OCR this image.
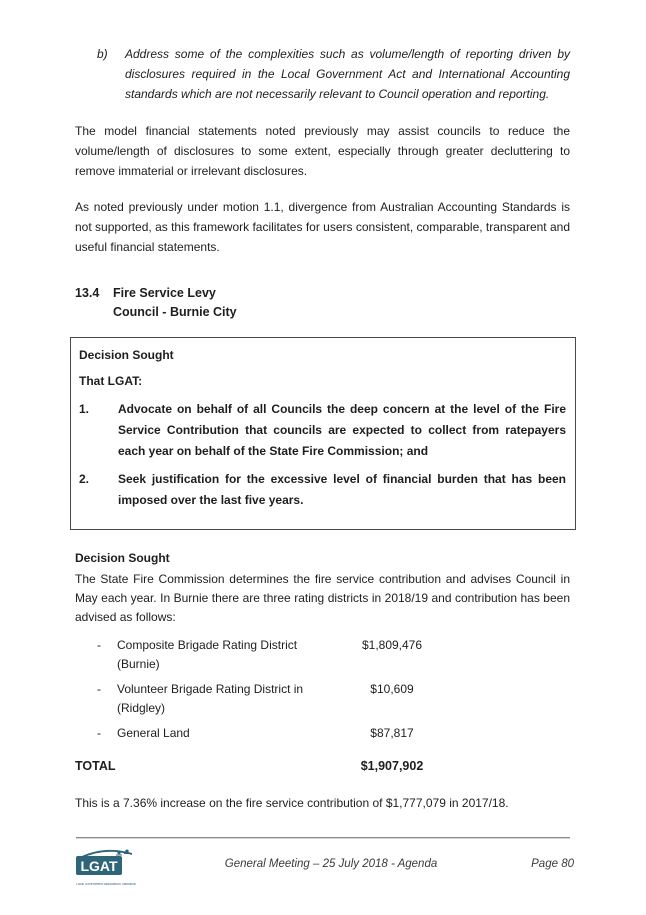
b) Address some of the complexities such as volume/length of reporting driven by disclosures required in the Local Government Act and International Accounting standards which are not necessarily relevant to Council operation and reporting.

The model financial statements noted previously may assist councils to reduce the volume/length of disclosures to some extent, especially through greater decluttering to remove immaterial or irrelevant disclosures.

As noted previously under motion 1.1, divergence from Australian Accounting Standards is not supported, as this framework facilitates for users consistent, comparable, transparent and useful financial statements.

13.4	Fire Service Levy
Council - Burnie City

Decision Sought

That LGAT:

1. Advocate on behalf of all Councils the deep concern at the level of the Fire Service Contribution that councils are expected to collect from ratepayers each year on behalf of the State Fire Commission; and

2. Seek justification for the excessive level of financial burden that has been imposed over the last five years.

Decision Sought

The State Fire Commission determines the fire service contribution and advises Council in May each year. In Burnie there are three rating districts in 2018/19 and contribution has been advised as follows:

-	Composite Brigade Rating District (Burnie)
$1,809,476
-	Volunteer Brigade Rating District in (Ridgley)
$10,609
-	General Land	$87,817
TOTAL	$1,907,902

This is a 7.36% increase on the fire service contribution of $1,777,079 in 2017/18.

LGAT
Local Government Association Tasmania
General Meeting – 25 July 2018 - Agenda	Page 80
